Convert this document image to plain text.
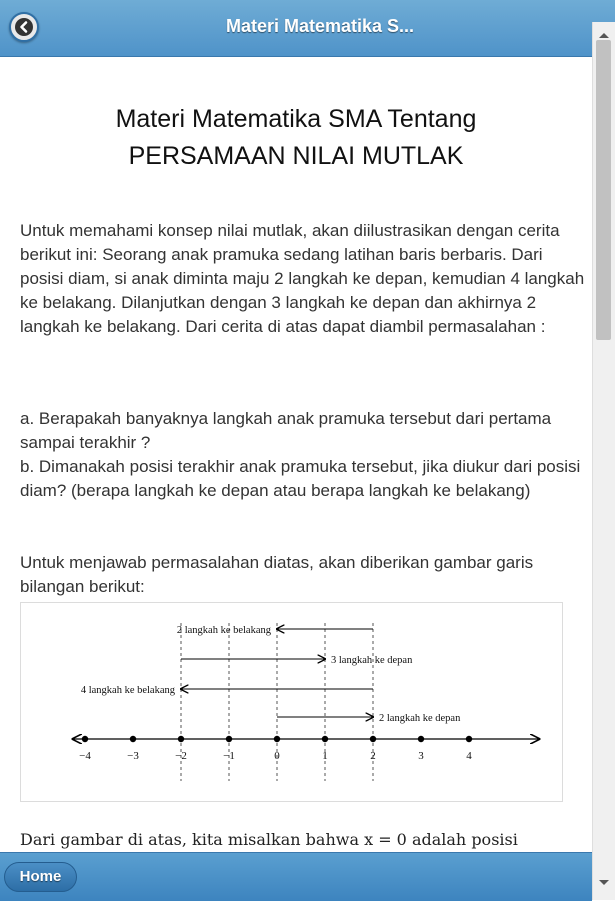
Materi Matematika S...
Materi Matematika SMA Tentang
PERSAMAAN NILAI MUTLAK
Untuk memahami konsep nilai mutlak, akan diilustrasikan dengan cerita berikut ini: Seorang anak pramuka sedang latihan baris berbaris. Dari posisi diam, si anak diminta maju 2 langkah ke depan, kemudian 4 langkah ke belakang. Dilanjutkan dengan 3 langkah ke depan dan akhirnya 2 langkah ke belakang. Dari cerita di atas dapat diambil permasalahan :
a. Berapakah banyaknya langkah anak pramuka tersebut dari pertama sampai terakhir ?
b. Dimanakah posisi terakhir anak pramuka tersebut, jika diukur dari posisi diam? (berapa langkah ke depan atau berapa langkah ke belakang)
Untuk menjawab permasalahan diatas, akan diberikan gambar garis bilangan berikut:
2 langkah ke belakang
3 langkah ke depan
4 langkah ke belakang
2 langkah ke depan
−4	−3	−2	−1	0	1	2	3	4
Dari gambar di atas, kita misalkan bahwa x = 0 adalah posisi
Home
